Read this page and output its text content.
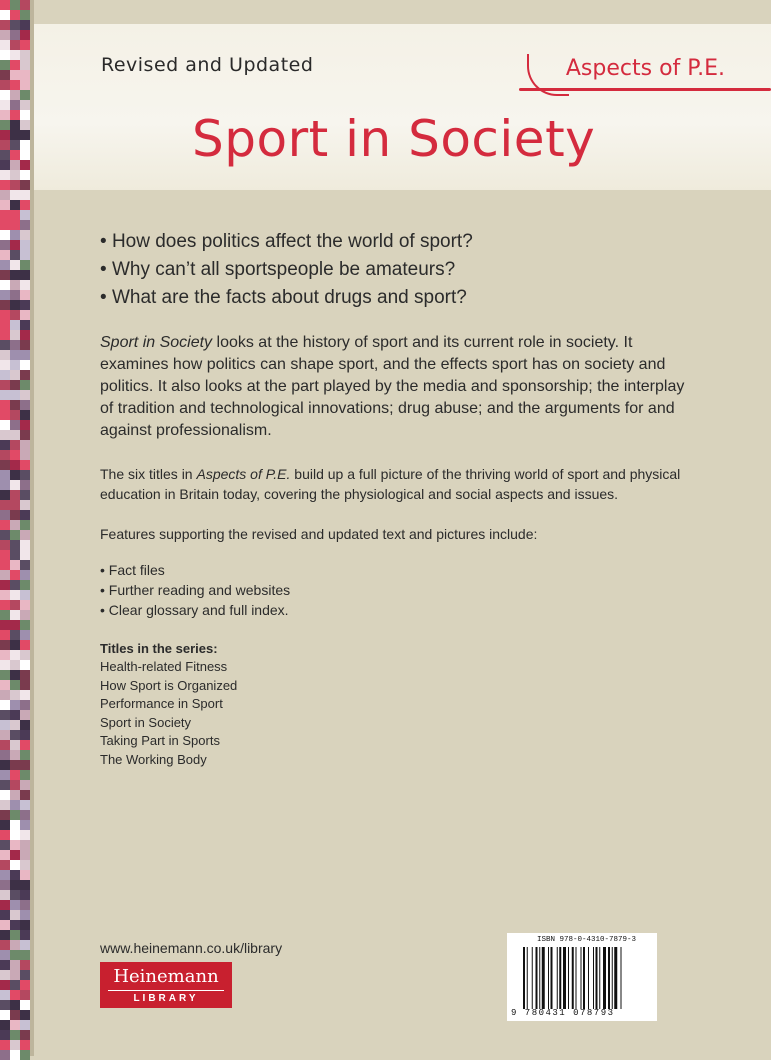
Revised and Updated	Aspects of P.E.
Sport in Society
• How does politics affect the world of sport?
• Why can’t all sportspeople be amateurs?
• What are the facts about drugs and sport?

Sport in Society looks at the history of sport and its current role in society. It examines how politics can shape sport, and the effects sport has on society and politics. It also looks at the part played by the media and sponsorship; the interplay of tradition and technological innovations; drug abuse; and the arguments for and against professionalism.

The six titles in Aspects of P.E. build up a full picture of the thriving world of sport and physical education in Britain today, covering the physiological and social aspects and issues.

Features supporting the revised and updated text and pictures include:

• Fact files
• Further reading and websites
• Clear glossary and full index.

Titles in the series:

Health-related Fitness
How Sport is Organized
Performance in Sport
Sport in Society
Taking Part in Sports
The Working Body
www.heinemann.co.uk/library
Heinemann
LIBRARY
ISBN 978-0-4310-7879-3
9 780431 078793
